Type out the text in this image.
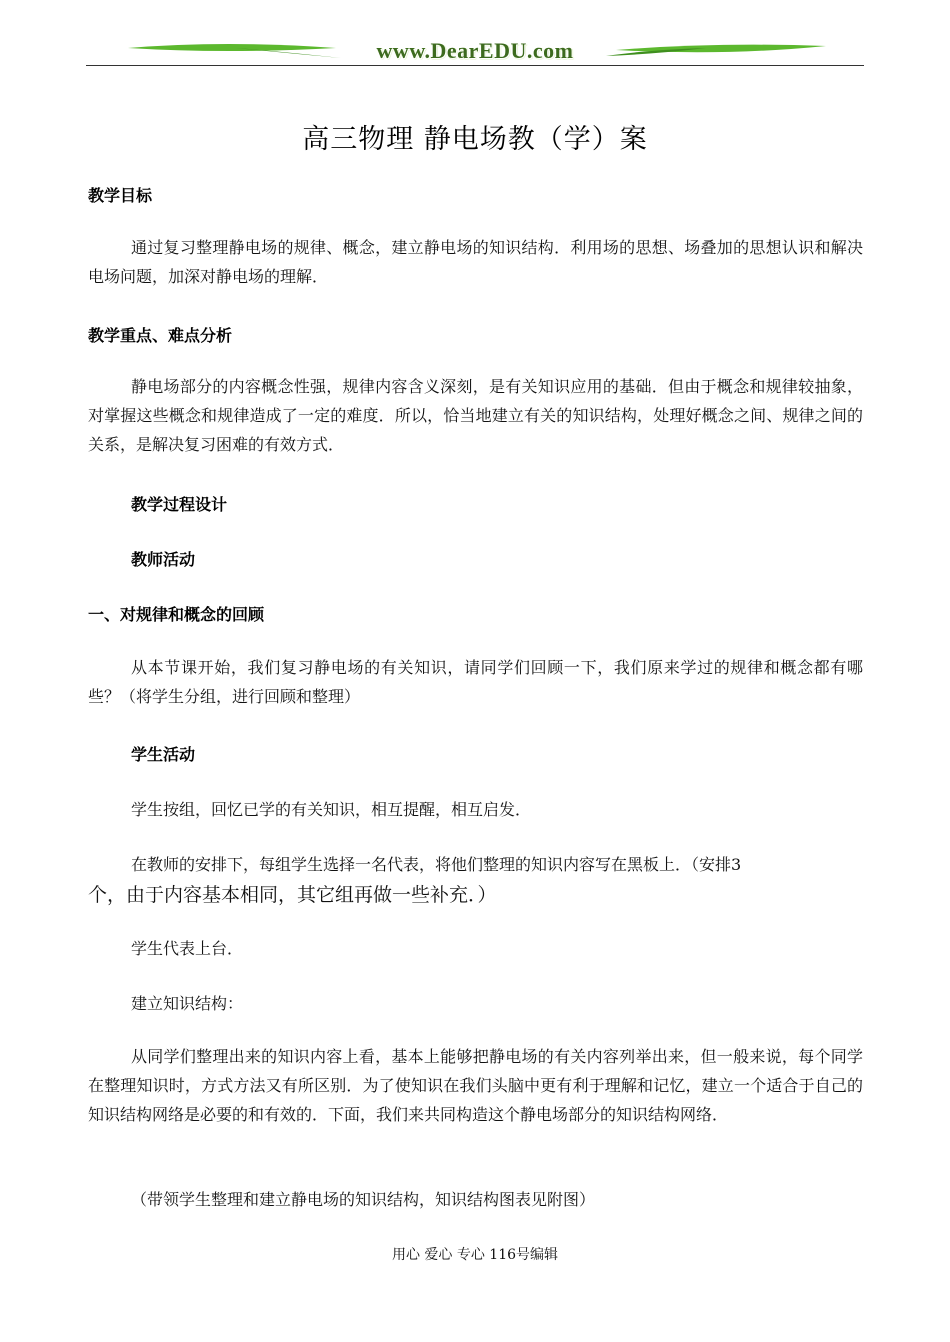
www.DearEDU.com
高三物理 静电场教（学）案
教学目标
通过复习整理静电场的规律、概念，建立静电场的知识结构．利用场的思想、场叠加的思想认识和解决电场问题，加深对静电场的理解．
教学重点、难点分析
静电场部分的内容概念性强，规律内容含义深刻，是有关知识应用的基础．但由于概念和规律较抽象，对掌握这些概念和规律造成了一定的难度．所以，恰当地建立有关的知识结构，处理好概念之间、规律之间的关系，是解决复习困难的有效方式．
教学过程设计
教师活动
一、对规律和概念的回顾
从本节课开始，我们复习静电场的有关知识，请同学们回顾一下，我们原来学过的规律和概念都有哪些？（将学生分组，进行回顾和整理）
学生活动
学生按组，回忆已学的有关知识，相互提醒，相互启发．
在教师的安排下，每组学生选择一名代表，将他们整理的知识内容写在黑板上．（安排3
个，由于内容基本相同，其它组再做一些补充．）
学生代表上台．
建立知识结构：
从同学们整理出来的知识内容上看，基本上能够把静电场的有关内容列举出来，但一般来说，每个同学在整理知识时，方式方法又有所区别．为了使知识在我们头脑中更有利于理解和记忆，建立一个适合于自己的知识结构网络是必要的和有效的．下面，我们来共同构造这个静电场部分的知识结构网络．
（带领学生整理和建立静电场的知识结构，知识结构图表见附图）
用心 爱心 专心 116号编辑
